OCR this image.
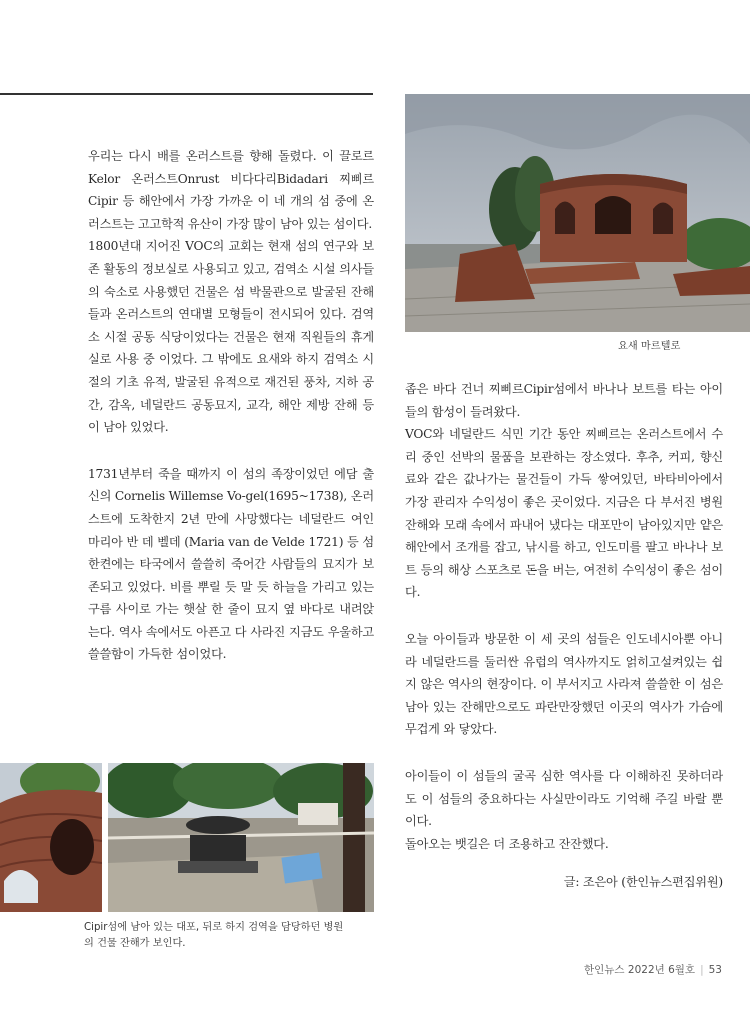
우리는 다시 배를 온러스트를 향해 돌렸다. 이 끌로르Kelor 온러스트Onrust 비다다리Bidadari 찌삐르Cipir 등 해안에서 가장 가까운 이 네 개의 섬 중에 온러스트는 고고학적 유산이 가장 많이 남아 있는 섬이다.

1800년대 지어진 VOC의 교회는 현재 섬의 연구와 보존 활동의 정보실로 사용되고 있고, 검역소 시설 의사들의 숙소로 사용했던 건물은 섬 박물관으로 발굴된 잔해들과 온러스트의 연대별 모형들이 전시되어 있다. 검역소 시절 공동 식당이었다는 건물은 현재 직원들의 휴게실로 사용 중 이었다. 그 밖에도 요새와 하지 검역소 시절의 기초 유적, 발굴된 유적으로 재건된 풍차, 지하 공간, 감옥, 네덜란드 공동묘지, 교각, 해안 제방 잔해 등이 남아 있었다.

1731년부터 죽을 때까지 이 섬의 족장이었던 에담 출신의 Cornelis Willemse Vo-gel(1695~1738), 온러스트에 도착한지 2년 만에 사망했다는 네덜란드 여인 마리아 반 데 벨데 (Maria van de Velde 1721) 등 섬 한켠에는 타국에서 쓸쓸히 죽어간 사람들의 묘지가 보존되고 있었다. 비를 뿌릴 듯 말 듯 하늘을 가리고 있는 구름 사이로 가는 햇살 한 줄이 묘지 옆 바다로 내려앉는다. 역사 속에서도 아픈고 다 사라진 지금도 우울하고 쓸쓸함이 가득한 섬이었다.

요새 마르텔로

좁은 바다 건너 찌삐르Cipir섬에서 바나나 보트를 타는 아이들의 함성이 들려왔다.

VOC와 네덜란드 식민 기간 동안 찌삐르는 온러스트에서 수리 중인 선박의 물품을 보관하는 장소였다. 후추, 커피, 향신료와 같은 값나가는 물건들이 가득 쌓여있던, 바타비아에서 가장 관리자 수익성이 좋은 곳이었다. 지금은 다 부서진 병원 잔해와 모래 속에서 파내어 냈다는 대포만이 남아있지만 얕은 해안에서 조개를 잡고, 낚시를 하고, 인도미를 팔고 바나나 보트 등의 해상 스포츠로 돈을 버는, 여전히 수익성이 좋은 섬이다.

오늘 아이들과 방문한 이 세 곳의 섬들은 인도네시아뿐 아니라 네덜란드를 둘러싼 유럽의 역사까지도 얽히고설켜있는 쉽지 않은 역사의 현장이다. 이 부서지고 사라져 쓸쓸한 이 섬은 남아 있는 잔해만으로도 파란만장했던 이곳의 역사가 가슴에 무겁게 와 닿았다.

아이들이 이 섬들의 굴곡 심한 역사를 다 이해하진 못하더라도 이 섬들의 중요하다는 사실만이라도 기억해 주길 바랄 뿐이다.

돌아오는 뱃길은 더 조용하고 잔잔했다.

글: 조은아 (한인뉴스편집위원)

Cipir섬에 남아 있는 대포, 뒤로 하지 검역을 담당하던 병원의 건물 잔해가 보인다.
한인뉴스 2022년 6월호 | 53
